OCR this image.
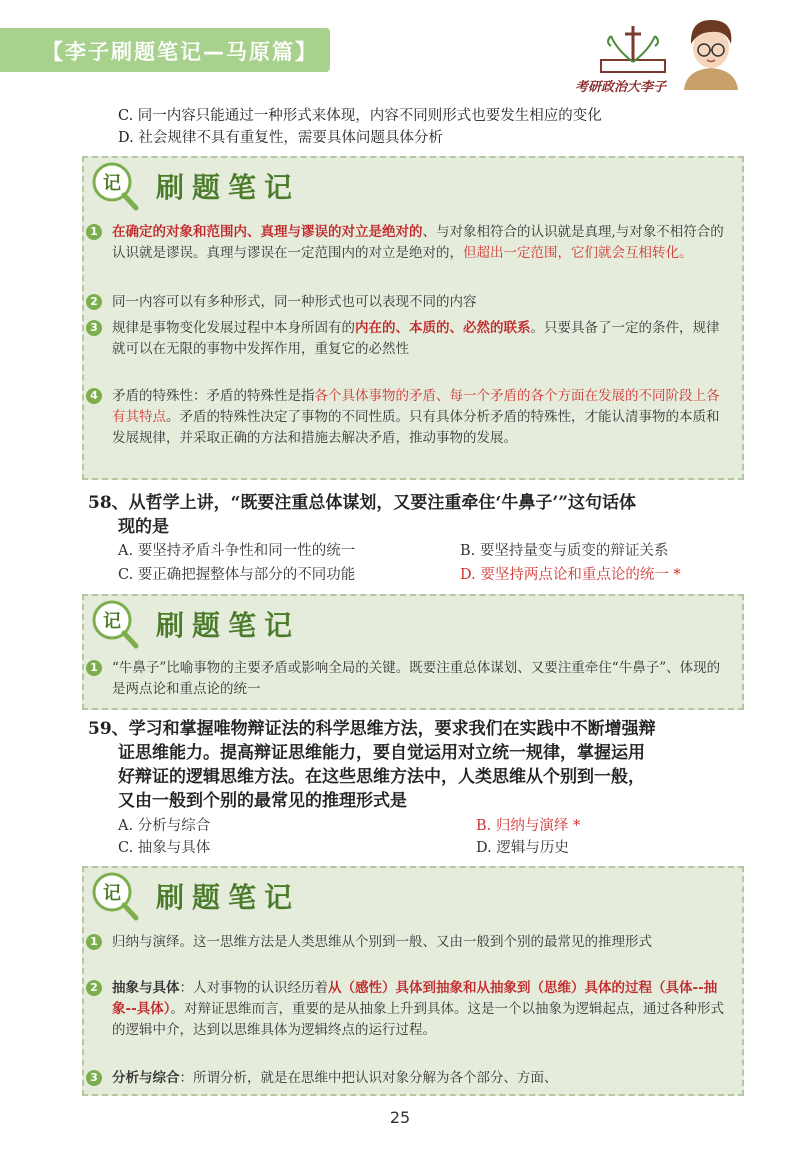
【李子刷题笔记—马原篇】
考研政治大李子
C. 同一内容只能通过一种形式来体现，内容不同则形式也要发生相应的变化
D. 社会规律不具有重复性，需要具体问题具体分析
记 刷题笔记
1	在确定的对象和范围内、真理与谬误的对立是绝对的、与对象相符合的认识就是真理,与对象不相符合的认识就是谬误。真理与谬误在一定范围内的对立是绝对的，但超出一定范围，它们就会互相转化。
2	同一内容可以有多种形式，同一种形式也可以表现不同的内容
3	规律是事物变化发展过程中本身所固有的内在的、本质的、必然的联系。只要具备了一定的条件，规律就可以在无限的事物中发挥作用，重复它的必然性
4	矛盾的特殊性：矛盾的特殊性是指各个具体事物的矛盾、每一个矛盾的各个方面在发展的不同阶段上各有其特点。矛盾的特殊性决定了事物的不同性质。只有具体分析矛盾的特殊性，才能认清事物的本质和发展规律，并采取正确的方法和措施去解决矛盾，推动事物的发展。
58、从哲学上讲，“既要注重总体谋划，又要注重牵住‘牛鼻子’”这句话体
现的是
A. 要坚持矛盾斗争性和同一性的统一	B. 要坚持量变与质变的辩证关系
C. 要正确把握整体与部分的不同功能	D. 要坚持两点论和重点论的统一 *
记 刷题笔记
1	“牛鼻子”比喻事物的主要矛盾或影响全局的关键。既要注重总体谋划、又要注重牵住“牛鼻子”、体现的是两点论和重点论的统一
59、学习和掌握唯物辩证法的科学思维方法，要求我们在实践中不断增强辩
证思维能力。提高辩证思维能力，要自觉运用对立统一规律，掌握运用
好辩证的逻辑思维方法。在这些思维方法中，人类思维从个别到一般，
又由一般到个别的最常见的推理形式是
A. 分析与综合	B. 归纳与演绎 *
C. 抽象与具体	D. 逻辑与历史
记 刷题笔记
1	归纳与演绎。这一思维方法是人类思维从个别到一般、又由一般到个别的最常见的推理形式
2	抽象与具体：人对事物的认识经历着从（感性）具体到抽象和从抽象到（思维）具体的过程（具体--抽象--具体）。对辩证思维而言，重要的是从抽象上升到具体。这是一个以抽象为逻辑起点，通过各种形式的逻辑中介，达到以思维具体为逻辑终点的运行过程。
3	分析与综合：所谓分析，就是在思维中把认识对象分解为各个部分、方面、
25
